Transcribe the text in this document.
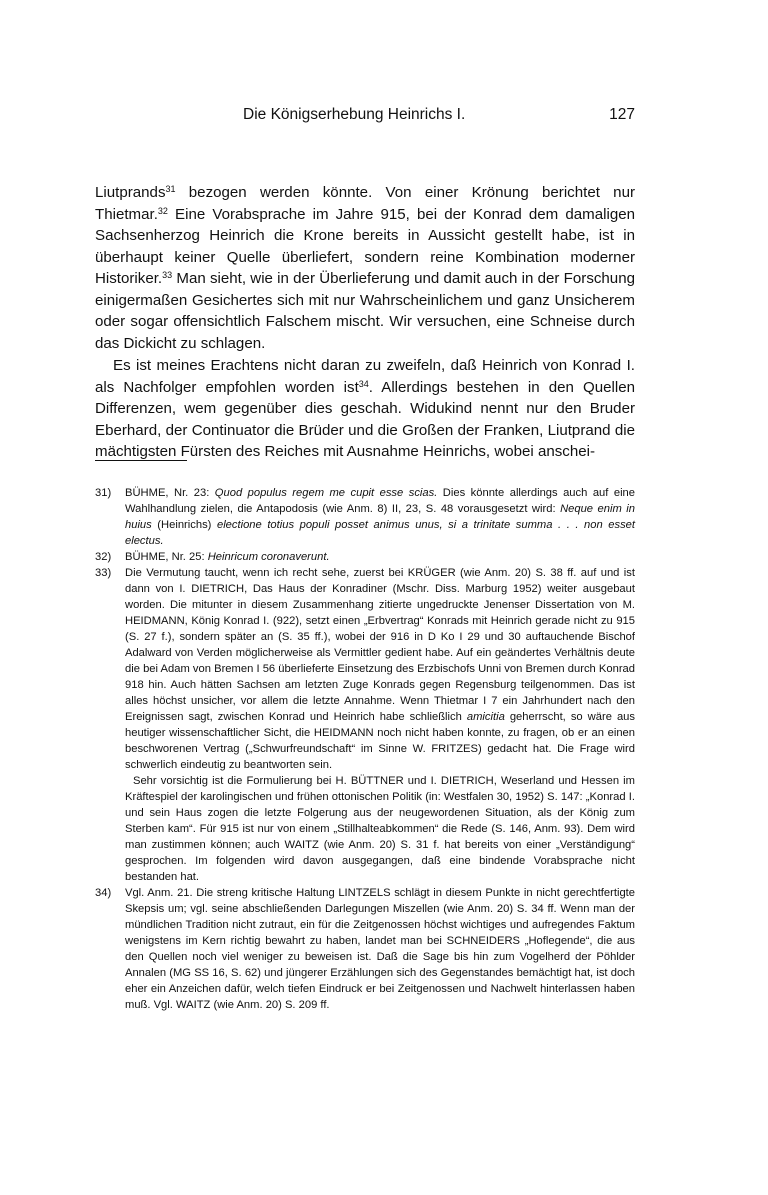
Die Königserhebung Heinrichs I.	127

Liutprands$^{31}$ bezogen werden könnte. Von einer Krönung berichtet nur Thietmar.$^{32}$ Eine Vorabsprache im Jahre 915, bei der Konrad dem damaligen Sachsenherzog Heinrich die Krone bereits in Aussicht gestellt habe, ist in überhaupt keiner Quelle überliefert, sondern reine Kombination moderner Historiker.$^{33}$ Man sieht, wie in der Überlieferung und damit auch in der Forschung einigermaßen Gesichertes sich mit nur Wahrscheinlichem und ganz Unsicherem oder sogar offensichtlich Falschem mischt. Wir versuchen, eine Schneise durch das Dickicht zu schlagen.

Es ist meines Erachtens nicht daran zu zweifeln, daß Heinrich von Konrad I. als Nachfolger empfohlen worden ist$^{34}$. Allerdings bestehen in den Quellen Differenzen, wem gegenüber dies geschah. Widukind nennt nur den Bruder Eberhard, der Continuator die Brüder und die Großen der Franken, Liutprand die mächtigsten Fürsten des Reiches mit Ausnahme Heinrichs, wobei anschei-

31)	BÜHME, Nr. 23: Quod populus regem me cupit esse scias. Dies könnte allerdings auch auf eine Wahlhandlung zielen, die Antapodosis (wie Anm. 8) II, 23, S. 48 vorausgesetzt wird: Neque enim in huius (Heinrichs) electione totius populi posset animus unus, si a trinitate summa . . . non esset electus.
32)	BÜHME, Nr. 25: Heinricum coronaverunt.
33)	Die Vermutung taucht, wenn ich recht sehe, zuerst bei KRÜGER (wie Anm. 20) S. 38 ff. auf und ist dann von I. DIETRICH, Das Haus der Konradiner (Mschr. Diss. Marburg 1952) weiter ausgebaut worden. Die mitunter in diesem Zusammenhang zitierte ungedruckte Jenenser Dissertation von M. HEIDMANN, König Konrad I. (922), setzt einen „Erbvertrag“ Konrads mit Heinrich gerade nicht zu 915 (S. 27 f.), sondern später an (S. 35 ff.), wobei der 916 in D Ko I 29 und 30 auftauchende Bischof Adalward von Verden möglicherweise als Vermittler gedient habe. Auf ein geändertes Verhältnis deute die bei Adam von Bremen I 56 überlieferte Einsetzung des Erzbischofs Unni von Bremen durch Konrad 918 hin. Auch hätten Sachsen am letzten Zuge Konrads gegen Regensburg teilgenommen. Das ist alles höchst unsicher, vor allem die letzte Annahme. Wenn Thietmar I 7 ein Jahrhundert nach den Ereignissen sagt, zwischen Konrad und Heinrich habe schließlich amicitia geherrscht, so wäre aus heutiger wissenschaftlicher Sicht, die HEIDMANN noch nicht haben konnte, zu fragen, ob er an einen beschworenen Vertrag („Schwurfreundschaft“ im Sinne W. FRITZES) gedacht hat. Die Frage wird schwerlich eindeutig zu beantworten sein.

Sehr vorsichtig ist die Formulierung bei H. BÜTTNER und I. DIETRICH, Weserland und Hessen im Kräftespiel der karolingischen und frühen ottonischen Politik (in: Westfalen 30, 1952) S. 147: „Konrad I. und sein Haus zogen die letzte Folgerung aus der neugewordenen Situation, als der König zum Sterben kam“. Für 915 ist nur von einem „Stillhalteabkommen“ die Rede (S. 146, Anm. 93). Dem wird man zustimmen können; auch WAITZ (wie Anm. 20) S. 31 f. hat bereits von einer „Verständigung“ gesprochen. Im folgenden wird davon ausgegangen, daß eine bindende Vorabsprache nicht bestanden hat.

34)	Vgl. Anm. 21. Die streng kritische Haltung LINTZELS schlägt in diesem Punkte in nicht gerechtfertigte Skepsis um; vgl. seine abschließenden Darlegungen Miszellen (wie Anm. 20) S. 34 ff. Wenn man der mündlichen Tradition nicht zutraut, ein für die Zeitgenossen höchst wichtiges und aufregendes Faktum wenigstens im Kern richtig bewahrt zu haben, landet man bei SCHNEIDERS „Hoflegende“, die aus den Quellen noch viel weniger zu beweisen ist. Daß die Sage bis hin zum Vogelherd der Pöhlder Annalen (MG SS 16, S. 62) und jüngerer Erzählungen sich des Gegenstandes bemächtigt hat, ist doch eher ein Anzeichen dafür, welch tiefen Eindruck er bei Zeitgenossen und Nachwelt hinterlassen haben muß. Vgl. WAITZ (wie Anm. 20) S. 209 ff.
